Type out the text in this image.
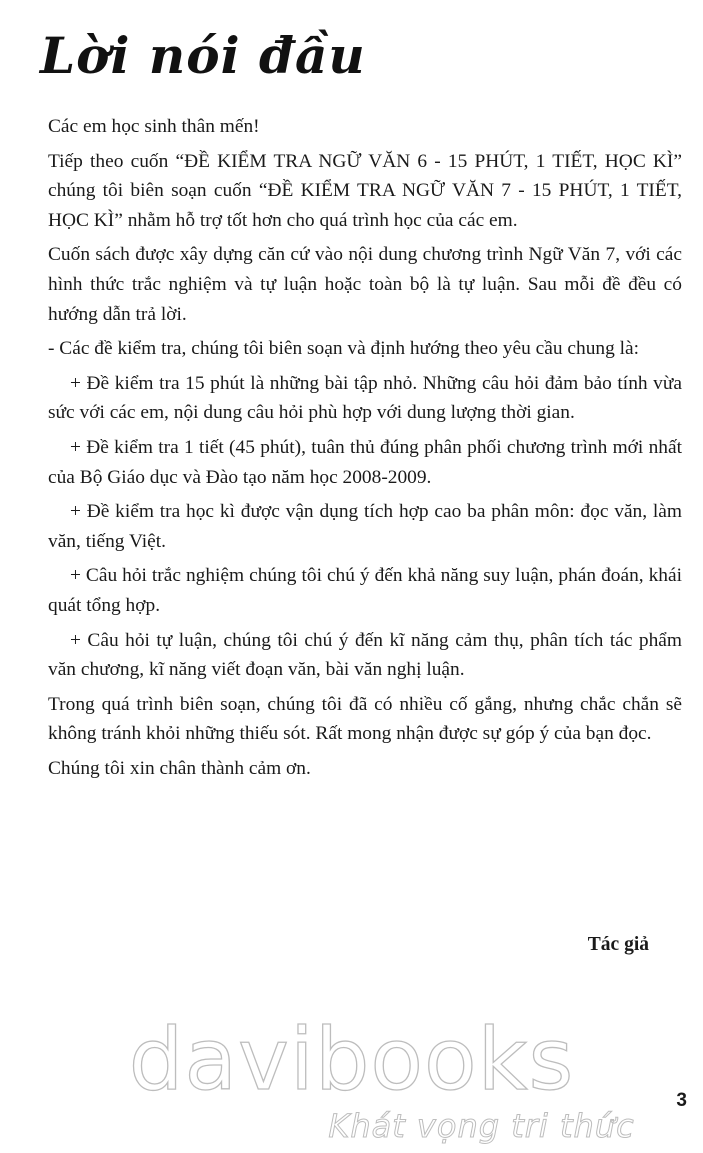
Lời nói đầu

Các em học sinh thân mến!

Tiếp theo cuốn “ĐỀ KIỂM TRA NGỮ VĂN 6 - 15 PHÚT, 1 TIẾT, HỌC KÌ” chúng tôi biên soạn cuốn “ĐỀ KIỂM TRA NGỮ VĂN 7 - 15 PHÚT, 1 TIẾT, HỌC KÌ” nhằm hỗ trợ tốt hơn cho quá trình học của các em.

Cuốn sách được xây dựng căn cứ vào nội dung chương trình Ngữ Văn 7, với các hình thức trắc nghiệm và tự luận hoặc toàn bộ là tự luận. Sau mỗi đề đều có hướng dẫn trả lời.

- Các đề kiểm tra, chúng tôi biên soạn và định hướng theo yêu cầu chung là:

+ Đề kiểm tra 15 phút là những bài tập nhỏ. Những câu hỏi đảm bảo tính vừa sức với các em, nội dung câu hỏi phù hợp với dung lượng thời gian.

+ Đề kiểm tra 1 tiết (45 phút), tuân thủ đúng phân phối chương trình mới nhất của Bộ Giáo dục và Đào tạo năm học 2008-2009.

+ Đề kiểm tra học kì được vận dụng tích hợp cao ba phân môn: đọc văn, làm văn, tiếng Việt.

+ Câu hỏi trắc nghiệm chúng tôi chú ý đến khả năng suy luận, phán đoán, khái quát tổng hợp.

+ Câu hỏi tự luận, chúng tôi chú ý đến kĩ năng cảm thụ, phân tích tác phẩm văn chương, kĩ năng viết đoạn văn, bài văn nghị luận.

Trong quá trình biên soạn, chúng tôi đã có nhiều cố gắng, nhưng chắc chắn sẽ không tránh khỏi những thiếu sót. Rất mong nhận được sự góp ý của bạn đọc.

Chúng tôi xin chân thành cảm ơn.

Tác giả
davibooks
Khát vọng tri thức
3
